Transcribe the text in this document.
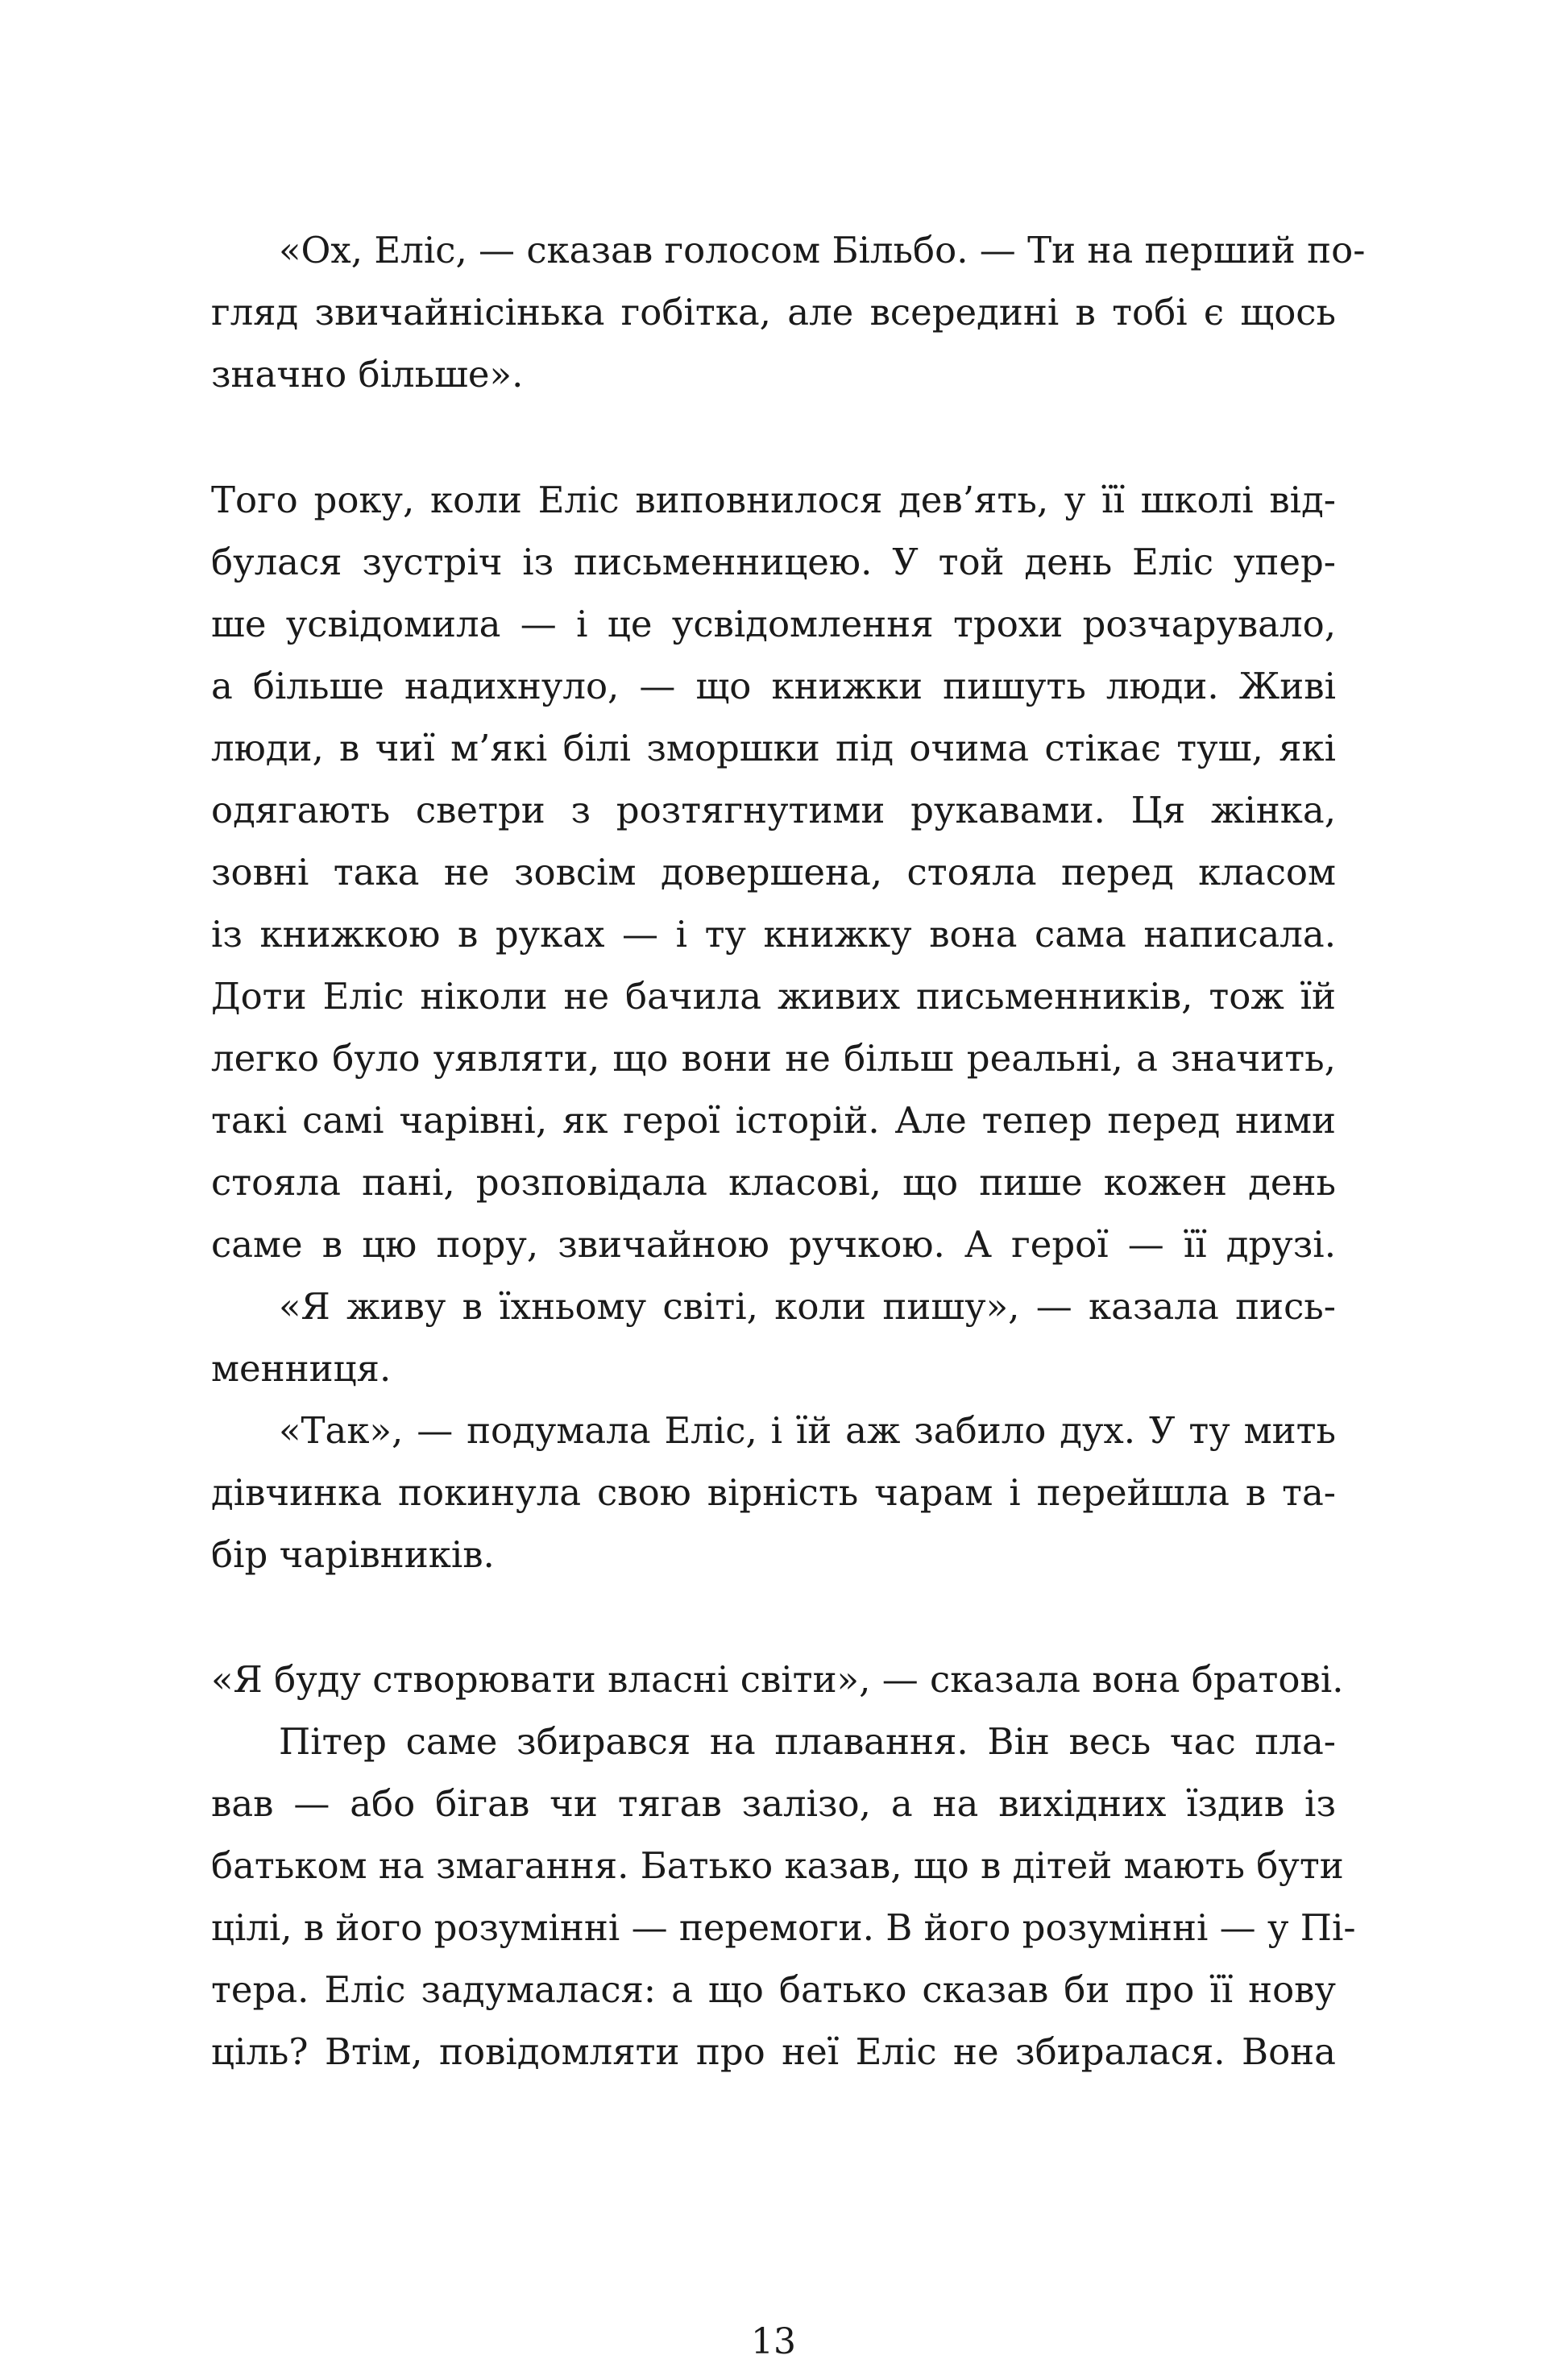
«Ох, Еліс, — сказав голосом Більбо. — Ти на перший по-
гляд звичайнісінька гобітка, але всередині в тобі є щось
значно більше».
Того року, коли Еліс виповнилося дев’ять, у її школі від-
булася зустріч із письменницею. У той день Еліс упер-
ше усвідомила — і це усвідомлення трохи розчарувало,
а більше надихнуло, — що книжки пишуть люди. Живі
люди, в чиї м’які білі зморшки під очима стікає туш, які
одягають светри з розтягнутими рукавами. Ця жінка,
зовні така не зовсім довершена, стояла перед класом
із книжкою в руках — і ту книжку вона сама написала.
Доти Еліс ніколи не бачила живих письменників, тож їй
легко було уявляти, що вони не більш реальні, а значить,
такі самі чарівні, як герої історій. Але тепер перед ними
стояла пані, розповідала класові, що пише кожен день
саме в цю пору, звичайною ручкою. А герої — її друзі.
«Я живу в їхньому світі, коли пишу», — казала пись-
менниця.
«Так», — подумала Еліс, і їй аж забило дух. У ту мить
дівчинка покинула свою вірність чарам і перейшла в та-
бір чарівників.
«Я буду створювати власні світи», — сказала вона братові.
Пітер саме збирався на плавання. Він весь час пла-
вав — або бігав чи тягав залізо, а на вихідних їздив із
батьком на змагання. Батько казав, що в дітей мають бути
цілі, в його розумінні — перемоги. В його розумінні — у Пі-
тера. Еліс задумалася: а що батько сказав би про її нову
ціль? Втім, повідомляти про неї Еліс не збиралася. Вона
13
